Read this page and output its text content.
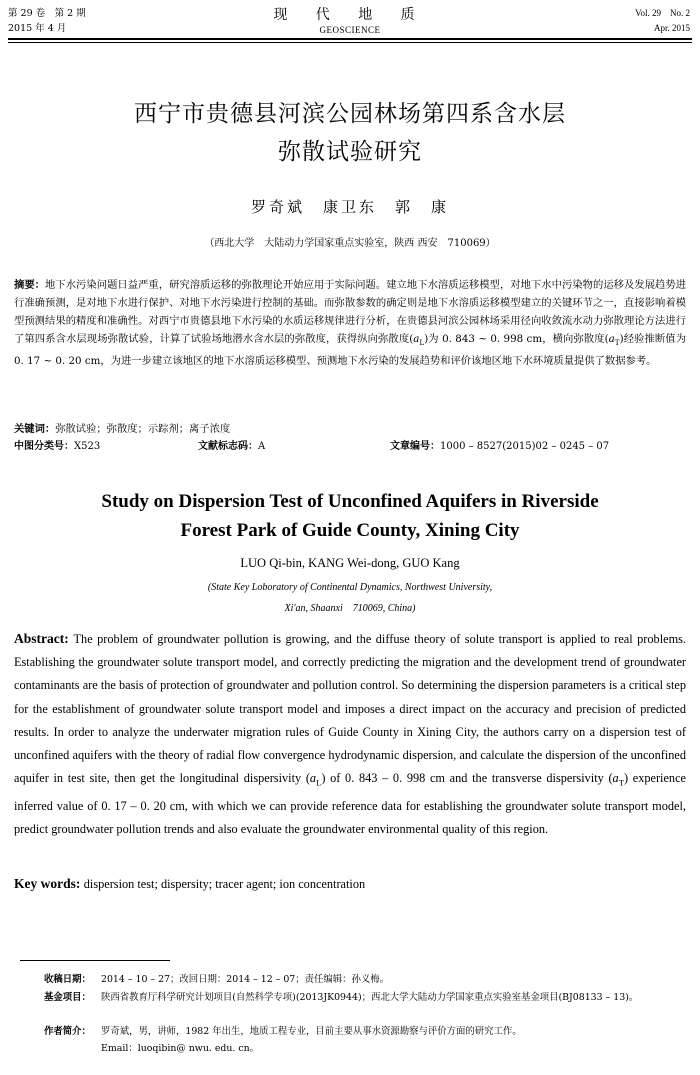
第 29 卷　第 2 期
2015 年 4 月
现 代 地 质
GEOSCIENCE
Vol. 29　No. 2
Apr. 2015
西宁市贵德县河滨公园林场第四系含水层
弥散试验研究
罗奇斌　康卫东　郭　康
（西北大学　大陆动力学国家重点实验室，陕西 西安　710069）
摘要：地下水污染问题日益严重，研究溶质运移的弥散理论开始应用于实际问题。建立地下水溶质运移模型，对地下水中污染物的运移及发展趋势进行准确预测，是对地下水进行保护、对地下水污染进行控制的基础。而弥散参数的确定则是地下水溶质运移模型建立的关键环节之一，直接影响着模型预测结果的精度和准确性。对西宁市贵德县地下水污染的水质运移规律进行分析，在贵德县河滨公园林场采用径向收敛流水动力弥散理论方法进行了第四系含水层现场弥散试验，计算了试验场地潜水含水层的弥散度，获得纵向弥散度$(a_L)$为 0. 843 ~ 0. 998 cm，横向弥散度$(a_T)$经验推断值为 0. 17 ~ 0. 20 cm，为进一步建立该地区的地下水溶质运移模型、预测地下水污染的发展趋势和评价该地区地下水环境质量提供了数据参考。
关键词：弥散试验；弥散度；示踪剂；离子浓度
中图分类号：X523	文献标志码：A	文章编号：1000 – 8527(2015)02 – 0245 – 07
Study on Dispersion Test of Unconfined Aquifers in Riverside
Forest Park of Guide County, Xining City
LUO Qi-bin, KANG Wei-dong, GUO Kang
(State Key Loboratory of Continental Dynamics, Northwest University,
Xi'an, Shaanxi　710069, China)
Abstract: The problem of groundwater pollution is growing, and the diffuse theory of solute transport is applied to real problems. Establishing the groundwater solute transport model, and correctly predicting the migration and the development trend of groundwater contaminants are the basis of protection of groundwater and pollution control. So determining the dispersion parameters is a critical step for the establishment of groundwater solute transport model and imposes a direct impact on the accuracy and precision of predicted results. In order to analyze the underwater migration rules of Guide County in Xining City, the authors carry on a dispersion test of unconfined aquifers with the theory of radial flow convergence hydrodynamic dispersion, and calculate the dispersion of the unconfined aquifer in test site, then get the longitudinal dispersivity $(a_L)$ of 0. 843 – 0. 998 cm and the transverse dispersivity $(a_T)$ experience inferred value of 0. 17 – 0. 20 cm, with which we can provide reference data for establishing the groundwater solute transport model, predict groundwater pollution trends and also evaluate the groundwater environmental quality of this region.
Key words: dispersion test; dispersity; tracer agent; ion concentration
收稿日期： 2014 – 10 – 27；改回日期：2014 – 12 – 07；责任编辑：孙义梅。
基金项目： 陕西省教育厅科学研究计划项目(自然科学专项)(2013JK0944)；西北大学大陆动力学国家重点实验室基金项目(BJ08133 – 13)。
作者简介： 罗奇斌，男，讲师，1982 年出生，地质工程专业，目前主要从事水资源勘察与评价方面的研究工作。
Email：luoqibin@ nwu. edu. cn。
